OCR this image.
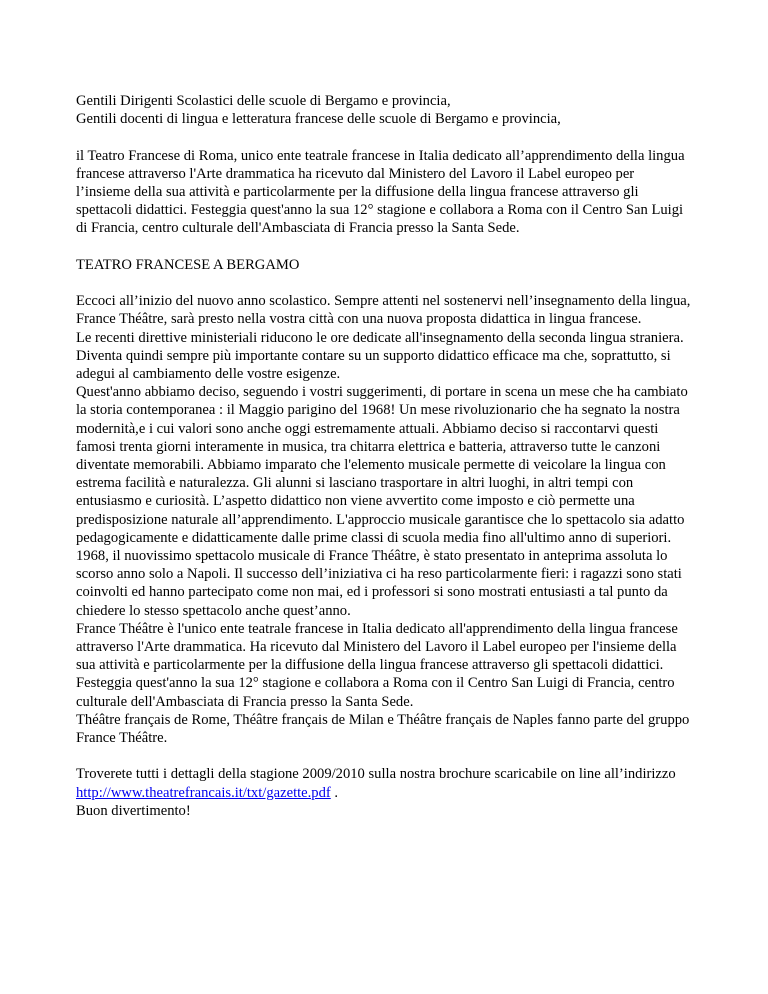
Gentili Dirigenti Scolastici delle scuole di Bergamo e provincia,

Gentili docenti di lingua e letteratura francese delle scuole di Bergamo e provincia,

il Teatro Francese di Roma, unico ente teatrale francese in Italia dedicato all’apprendimento della lingua francese attraverso l'Arte drammatica ha ricevuto dal Ministero del Lavoro il Label europeo per l’insieme della sua attività e particolarmente per la diffusione della lingua francese attraverso gli spettacoli didattici. Festeggia quest'anno la sua 12° stagione e collabora a Roma con il Centro San Luigi di Francia, centro culturale dell'Ambasciata di Francia presso la Santa Sede.

TEATRO FRANCESE A BERGAMO

Eccoci all’inizio del nuovo anno scolastico. Sempre attenti nel sostenervi nell’insegnamento della lingua, France Théâtre, sarà presto nella vostra città con una nuova proposta didattica in lingua francese.

Le recenti direttive ministeriali riducono le ore dedicate all'insegnamento della seconda lingua straniera. Diventa quindi sempre più importante contare su un supporto didattico efficace ma che, soprattutto, si adegui al cambiamento delle vostre esigenze.

Quest'anno abbiamo deciso, seguendo i vostri suggerimenti, di portare in scena un mese che ha cambiato la storia contemporanea : il Maggio parigino del 1968! Un mese rivoluzionario che ha segnato la nostra modernità,e i cui valori sono anche oggi estremamente attuali. Abbiamo deciso si raccontarvi questi famosi trenta giorni interamente in musica, tra chitarra elettrica e batteria, attraverso tutte le canzoni diventate memorabili. Abbiamo imparato che l'elemento musicale permette di veicolare la lingua con estrema facilità e naturalezza. Gli alunni si lasciano trasportare in altri luoghi, in altri tempi con entusiasmo e curiosità. L’aspetto didattico non viene avvertito come imposto e ciò permette una predisposizione naturale all’apprendimento. L'approccio musicale garantisce che lo spettacolo sia adatto pedagogicamente e didatticamente dalle prime classi di scuola media fino all'ultimo anno di superiori.

1968, il nuovissimo spettacolo musicale di France Théâtre, è stato presentato in anteprima assoluta lo scorso anno solo a Napoli. Il successo dell’iniziativa ci ha reso particolarmente fieri: i ragazzi sono stati coinvolti ed hanno partecipato come non mai, ed i professori si sono mostrati entusiasti a tal punto da chiedere lo stesso spettacolo anche quest’anno.

France Théâtre è l'unico ente teatrale francese in Italia dedicato all'apprendimento della lingua francese attraverso l'Arte drammatica. Ha ricevuto dal Ministero del Lavoro il Label europeo per l'insieme della sua attività e particolarmente per la diffusione della lingua francese attraverso gli spettacoli didattici. Festeggia quest'anno la sua 12° stagione e collabora a Roma con il Centro San Luigi di Francia, centro culturale dell'Ambasciata di Francia presso la Santa Sede.

Théâtre français de Rome, Théâtre français de Milan e Théâtre français de Naples fanno parte del gruppo France Théâtre.

Troverete tutti i dettagli della stagione 2009/2010 sulla nostra brochure scaricabile on line all’indirizzo http://www.theatrefrancais.it/txt/gazette.pdf .

Buon divertimento!
